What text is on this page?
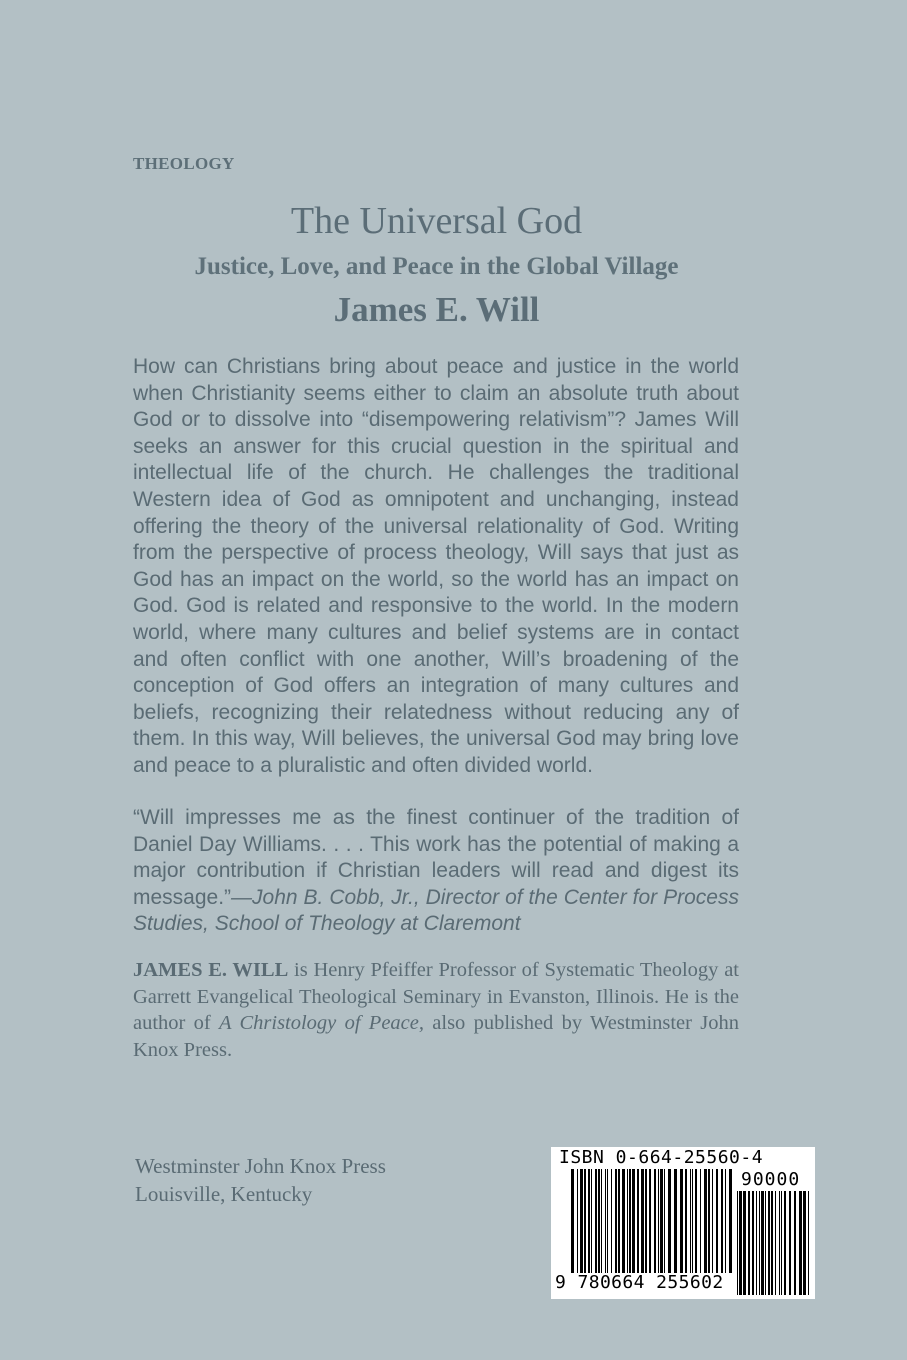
THEOLOGY
The Universal God
Justice, Love, and Peace in the Global Village
James E. Will

How can Christians bring about peace and justice in the world when Christianity seems either to claim an absolute truth about God or to dissolve into “disempowering relativism”? James Will seeks an answer for this crucial question in the spiritual and intellectual life of the church. He challenges the traditional Western idea of God as omnipotent and unchanging, instead offering the theory of the universal relationality of God. Writing from the perspective of process theology, Will says that just as God has an impact on the world, so the world has an impact on God. God is related and responsive to the world. In the modern world, where many cultures and belief systems are in contact and often conflict with one another, Will’s broadening of the conception of God offers an integration of many cultures and beliefs, recognizing their relatedness without reducing any of them. In this way, Will believes, the universal God may bring love and peace to a pluralistic and often divided world.

“Will impresses me as the finest continuer of the tradition of Daniel Day Williams. . . . This work has the potential of making a major contribution if Christian leaders will read and digest its message.”—John B. Cobb, Jr., Director of the Center for Process Studies, School of Theology at Claremont

JAMES E. WILL is Henry Pfeiffer Professor of Systematic Theology at Garrett Evangelical Theological Seminary in Evanston, Illinois. He is the author of A Christology of Peace, also published by Westminster John Knox Press.

Westminster John Knox Press
Louisville, Kentucky
ISBN 0-664-25560-4
90000
9 780664 255602
